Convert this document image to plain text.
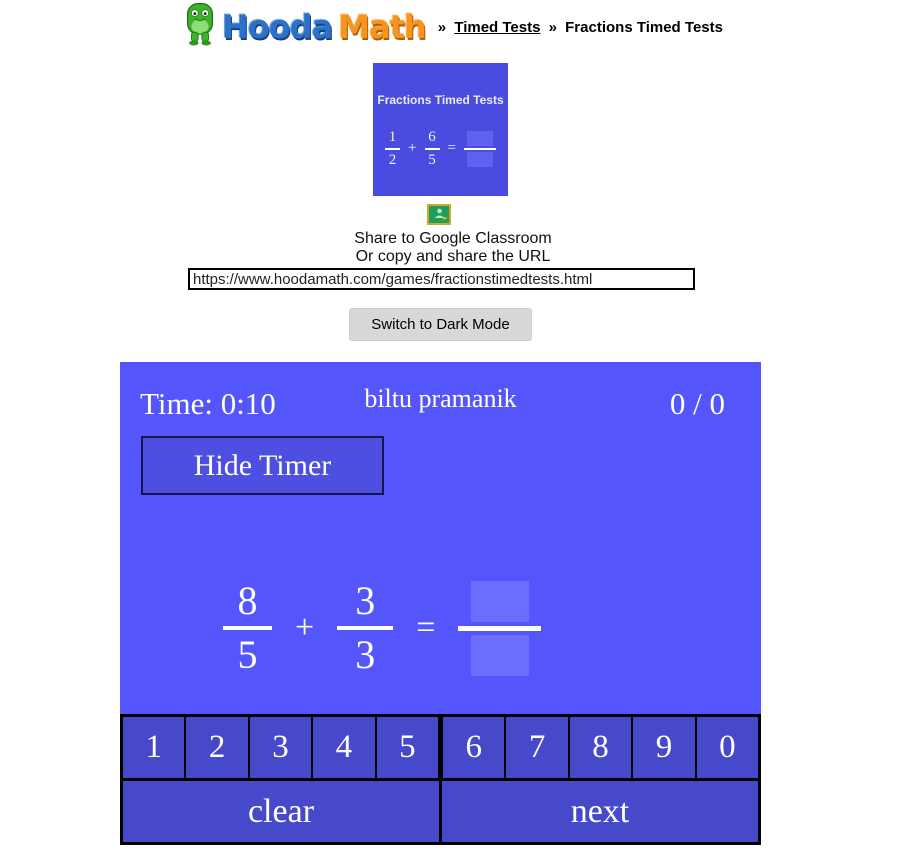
Hooda Math » Timed Tests » Fractions Timed Tests
Fractions Timed Tests
1
2
+
6
5
=
Share to Google Classroom
Or copy and share the URL
https://www.hoodamath.com/games/fractionstimedtests.html
Switch to Dark Mode
Time: 0:10	biltu pramanik	0 / 0
Hide Timer
$\frac{8}{5} + \frac{3}{3}$ =
1	2	3	4	5	6	7	8	9	0
clear	next
